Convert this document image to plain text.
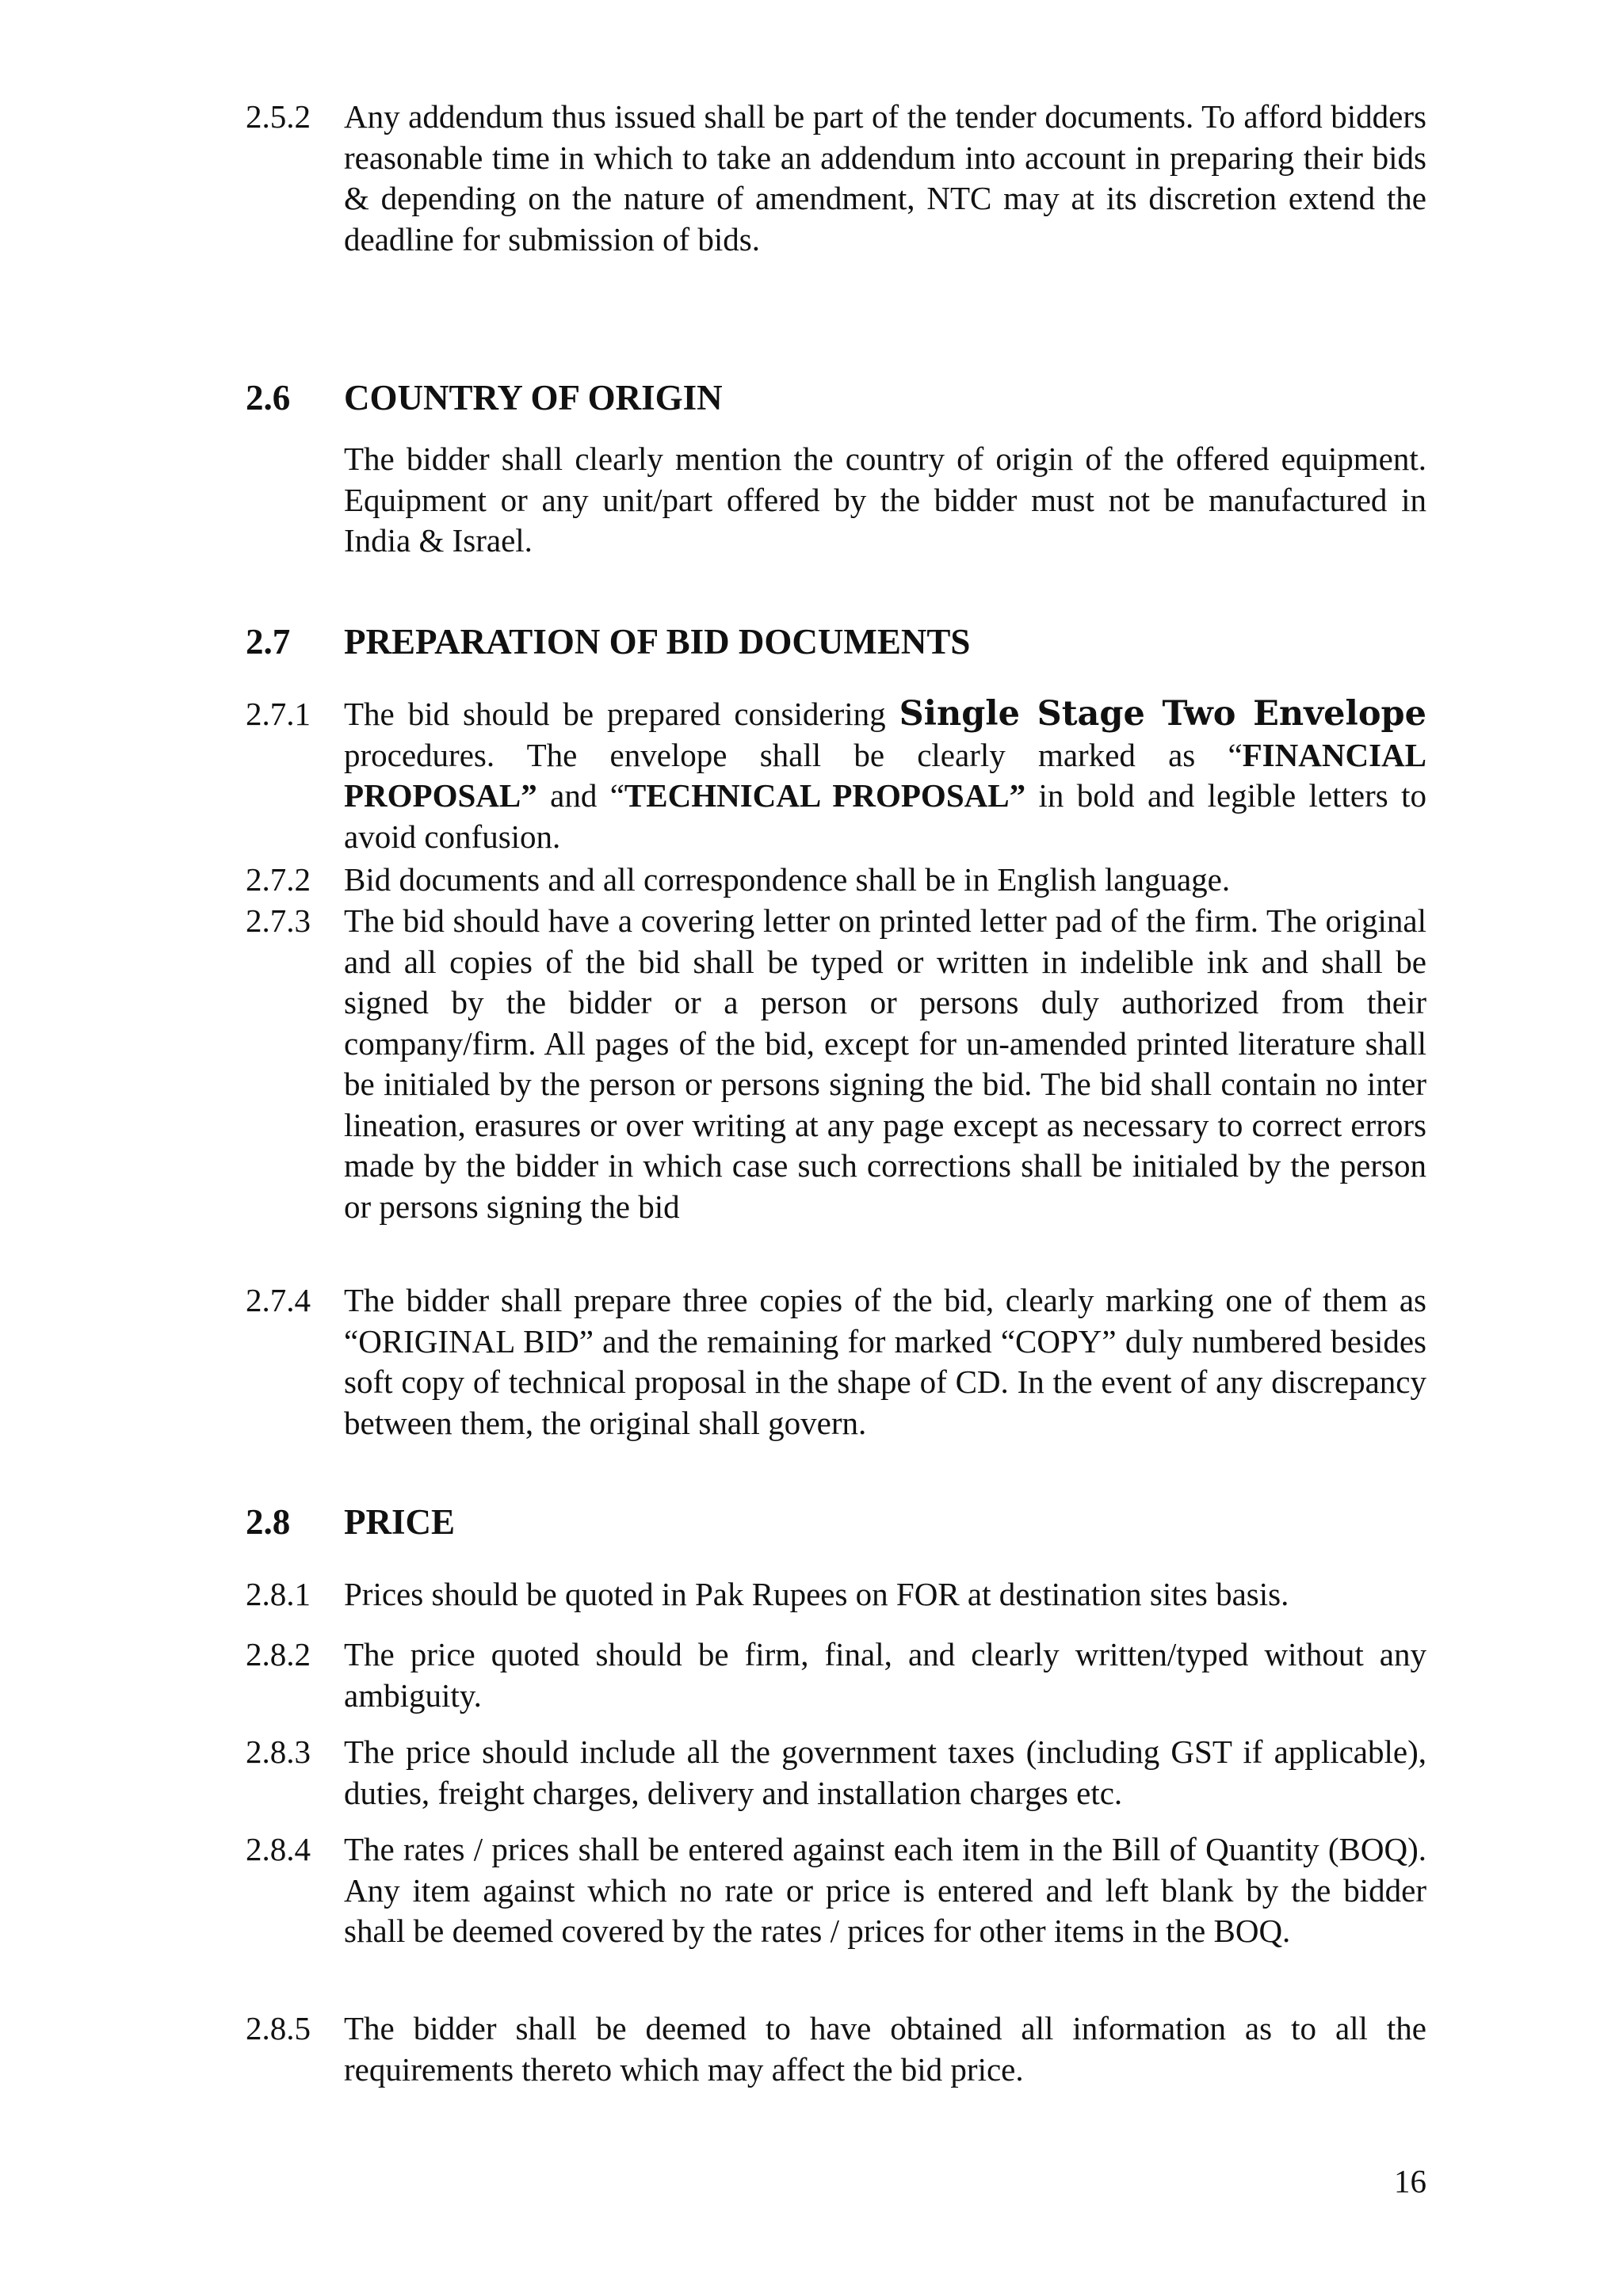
2.5.2	Any addendum thus issued shall be part of the tender documents. To afford bidders reasonable time in which to take an addendum into account in preparing their bids & depending on the nature of amendment, NTC may at its discretion extend the deadline for submission of bids.
2.6	COUNTRY OF ORIGIN
The bidder shall clearly mention the country of origin of the offered equipment. Equipment or any unit/part offered by the bidder must not be manufactured in India & Israel.
2.7	PREPARATION OF BID DOCUMENTS
2.7.1	The bid should be prepared considering Single Stage Two Envelope procedures. The envelope shall be clearly marked as “FINANCIAL PROPOSAL” and “TECHNICAL PROPOSAL” in bold and legible letters to avoid confusion.
2.7.2	Bid documents and all correspondence shall be in English language.
2.7.3	The bid should have a covering letter on printed letter pad of the firm. The original and all copies of the bid shall be typed or written in indelible ink and shall be signed by the bidder or a person or persons duly authorized from their company/firm. All pages of the bid, except for un-amended printed literature shall be initialed by the person or persons signing the bid. The bid shall contain no inter lineation, erasures or over writing at any page except as necessary to correct errors made by the bidder in which case such corrections shall be initialed by the person or persons signing the bid
2.7.4	The bidder shall prepare three copies of the bid, clearly marking one of them as “ORIGINAL BID” and the remaining for marked “COPY” duly numbered besides soft copy of technical proposal in the shape of CD. In the event of any discrepancy between them, the original shall govern.
2.8	PRICE
2.8.1	Prices should be quoted in Pak Rupees on FOR at destination sites basis.
2.8.2	The price quoted should be firm, final, and clearly written/typed without any ambiguity.
2.8.3	The price should include all the government taxes (including GST if applicable), duties, freight charges, delivery and installation charges etc.
2.8.4	The rates / prices shall be entered against each item in the Bill of Quantity (BOQ). Any item against which no rate or price is entered and left blank by the bidder shall be deemed covered by the rates / prices for other items in the BOQ.
2.8.5	The bidder shall be deemed to have obtained all information as to all the requirements thereto which may affect the bid price.
16
